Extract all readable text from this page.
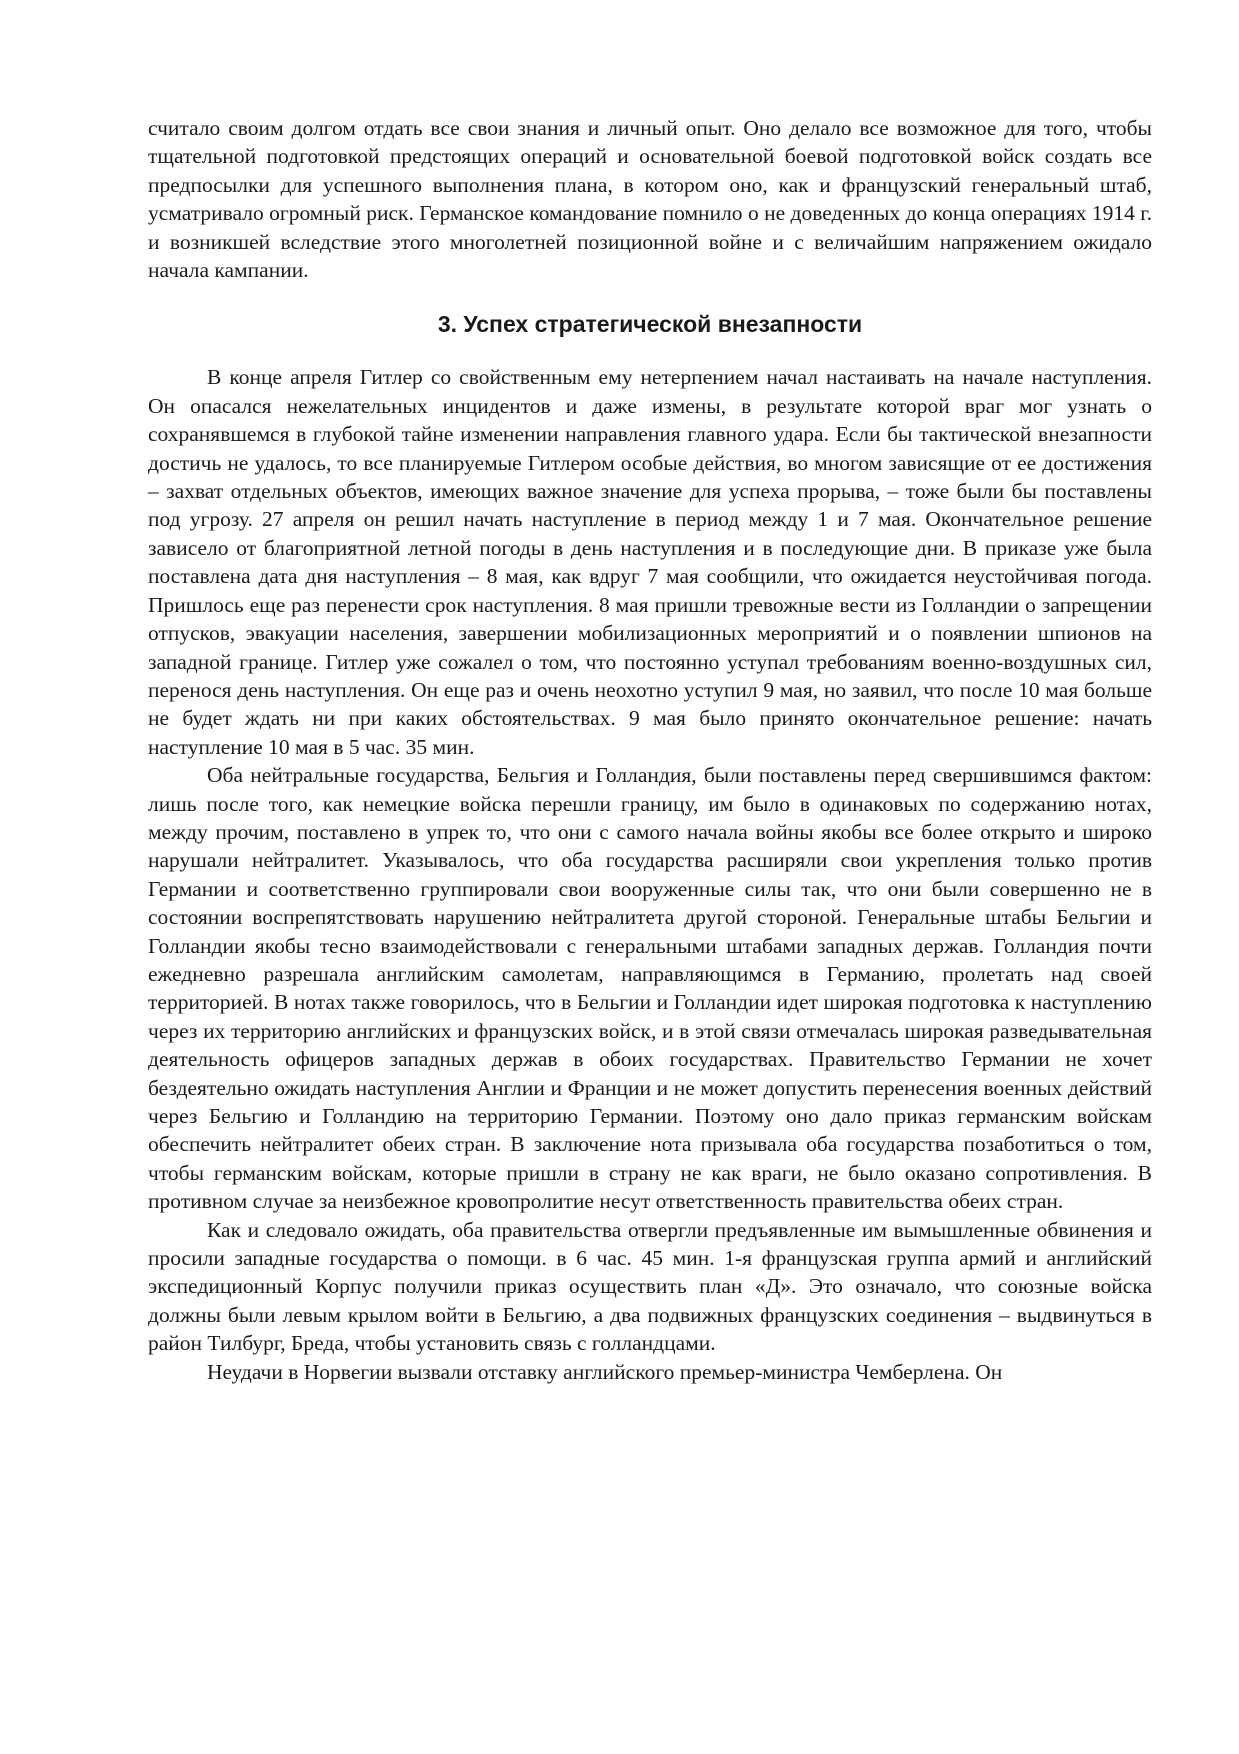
считало своим долгом отдать все свои знания и личный опыт. Оно делало все возможное для того, чтобы тщательной подготовкой предстоящих операций и основательной боевой подготовкой войск создать все предпосылки для успешного выполнения плана, в котором оно, как и французский генеральный штаб, усматривало огромный риск. Германское командование помнило о не доведенных до конца операциях 1914 г. и возникшей вследствие этого многолетней позиционной войне и с величайшим напряжением ожидало начала кампании.

3. Успех стратегической внезапности

В конце апреля Гитлер со свойственным ему нетерпением начал настаивать на начале наступления. Он опасался нежелательных инцидентов и даже измены, в результате которой враг мог узнать о сохранявшемся в глубокой тайне изменении направления главного удара. Если бы тактической внезапности достичь не удалось, то все планируемые Гитлером особые действия, во многом зависящие от ее достижения – захват отдельных объектов, имеющих важное значение для успеха прорыва, – тоже были бы поставлены под угрозу. 27 апреля он решил начать наступление в период между 1 и 7 мая. Окончательное решение зависело от благоприятной летной погоды в день наступления и в последующие дни. В приказе уже была поставлена дата дня наступления – 8 мая, как вдруг 7 мая сообщили, что ожидается неустойчивая погода. Пришлось еще раз перенести срок наступления. 8 мая пришли тревожные вести из Голландии о запрещении отпусков, эвакуации населения, завершении мобилизационных мероприятий и о появлении шпионов на западной границе. Гитлер уже сожалел о том, что постоянно уступал требованиям военно-воздушных сил, перенося день наступления. Он еще раз и очень неохотно уступил 9 мая, но заявил, что после 10 мая больше не будет ждать ни при каких обстоятельствах. 9 мая было принято окончательное решение: начать наступление 10 мая в 5 час. 35 мин.

Оба нейтральные государства, Бельгия и Голландия, были поставлены перед свершившимся фактом: лишь после того, как немецкие войска перешли границу, им было в одинаковых по содержанию нотах, между прочим, поставлено в упрек то, что они с самого начала войны якобы все более открыто и широко нарушали нейтралитет. Указывалось, что оба государства расширяли свои укрепления только против Германии и соответственно группировали свои вооруженные силы так, что они были совершенно не в состоянии воспрепятствовать нарушению нейтралитета другой стороной. Генеральные штабы Бельгии и Голландии якобы тесно взаимодействовали с генеральными штабами западных держав. Голландия почти ежедневно разрешала английским самолетам, направляющимся в Германию, пролетать над своей территорией. В нотах также говорилось, что в Бельгии и Голландии идет широкая подготовка к наступлению через их территорию английских и французских войск, и в этой связи отмечалась широкая разведывательная деятельность офицеров западных держав в обоих государствах. Правительство Германии не хочет бездеятельно ожидать наступления Англии и Франции и не может допустить перенесения военных действий через Бельгию и Голландию на территорию Германии. Поэтому оно дало приказ германским войскам обеспечить нейтралитет обеих стран. В заключение нота призывала оба государства позаботиться о том, чтобы германским войскам, которые пришли в страну не как враги, не было оказано сопротивления. В противном случае за неизбежное кровопролитие несут ответственность правительства обеих стран.

Как и следовало ожидать, оба правительства отвергли предъявленные им вымышленные обвинения и просили западные государства о помощи. в 6 час. 45 мин. 1-я французская группа армий и английский экспедиционный Корпус получили приказ осуществить план «Д». Это означало, что союзные войска должны были левым крылом войти в Бельгию, а два подвижных французских соединения – выдвинуться в район Тилбург, Бреда, чтобы установить связь с голландцами.

Неудачи в Норвегии вызвали отставку английского премьер-министра Чемберлена. Он
